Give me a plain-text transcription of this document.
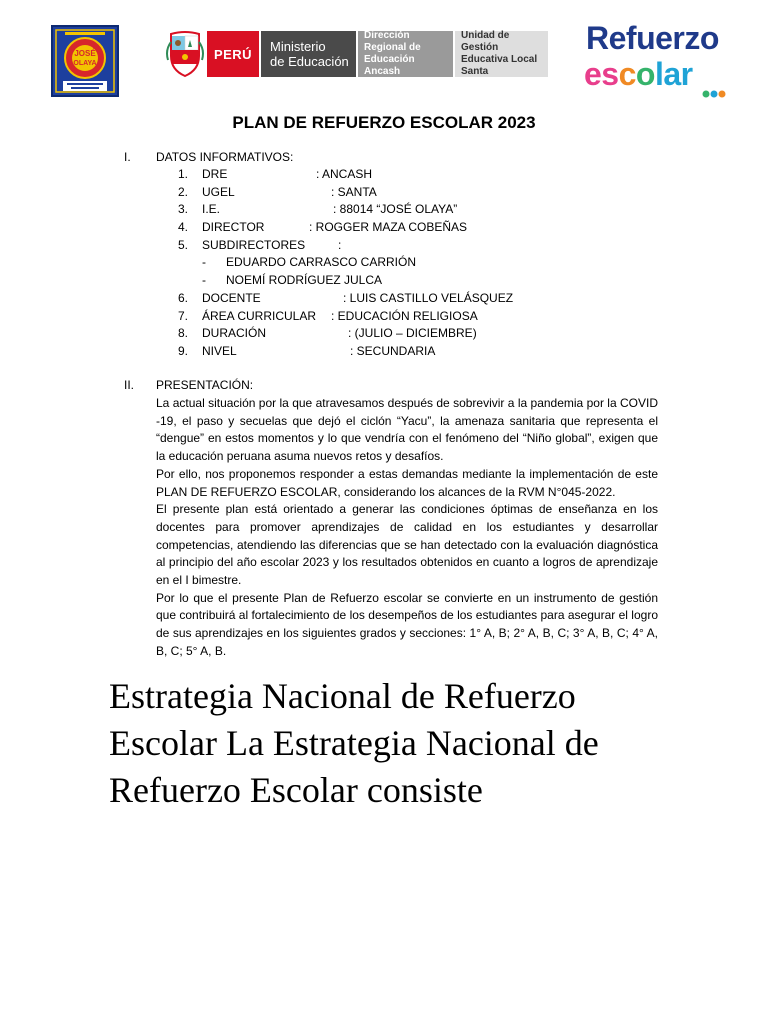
JOSÉ
OLAYA
PERÚ Ministerio
de Educación
Dirección Regional de
Educación Ancash
Unidad de Gestión
Educativa Local Santa
Refuerzo
escolar
PLAN DE REFUERZO ESCOLAR 2023
I.	DATOS INFORMATIVOS:
1. DRE	: ANCASH
2. UGEL	: SANTA
3. I.E.	: 88014 “JOSÉ OLAYA”
4. DIRECTOR	: ROGGER MAZA COBEÑAS
5. SUBDIRECTORES	:
- EDUARDO CARRASCO CARRIÓN
- NOEMÍ RODRÍGUEZ JULCA
6. DOCENTE	: LUIS CASTILLO VELÁSQUEZ
7. ÁREA CURRICULAR : EDUCACIÓN RELIGIOSA
8. DURACIÓN	: (JULIO – DICIEMBRE)
9. NIVEL	: SECUNDARIA
II.	PRESENTACIÓN:

La actual situación por la que atravesamos después de sobrevivir a la pandemia por la COVID -19, el paso y secuelas que dejó el ciclón “Yacu”, la amenaza sanitaria que representa el “dengue” en estos momentos y lo que vendría con el fenómeno del “Niño global”, exigen que la educación peruana asuma nuevos retos y desafíos.

Por ello, nos proponemos responder a estas demandas mediante la implementación de este PLAN DE REFUERZO ESCOLAR, considerando los alcances de la RVM N°045-2022.

El presente plan está orientado a generar las condiciones óptimas de enseñanza en los docentes para promover aprendizajes de calidad en los estudiantes y desarrollar competencias, atendiendo las diferencias que se han detectado con la evaluación diagnóstica al principio del año escolar 2023 y los resultados obtenidos en cuanto a logros de aprendizaje en el I bimestre.

Por lo que el presente Plan de Refuerzo escolar se convierte en un instrumento de gestión que contribuirá al fortalecimiento de los desempeños de los estudiantes para asegurar el logro de sus aprendizajes en los siguientes grados y secciones: 1° A, B; 2° A, B, C; 3° A, B, C; 4° A, B, C; 5° A, B.

Estrategia Nacional de Refuerzo Escolar La Estrategia Nacional de Refuerzo Escolar consiste
